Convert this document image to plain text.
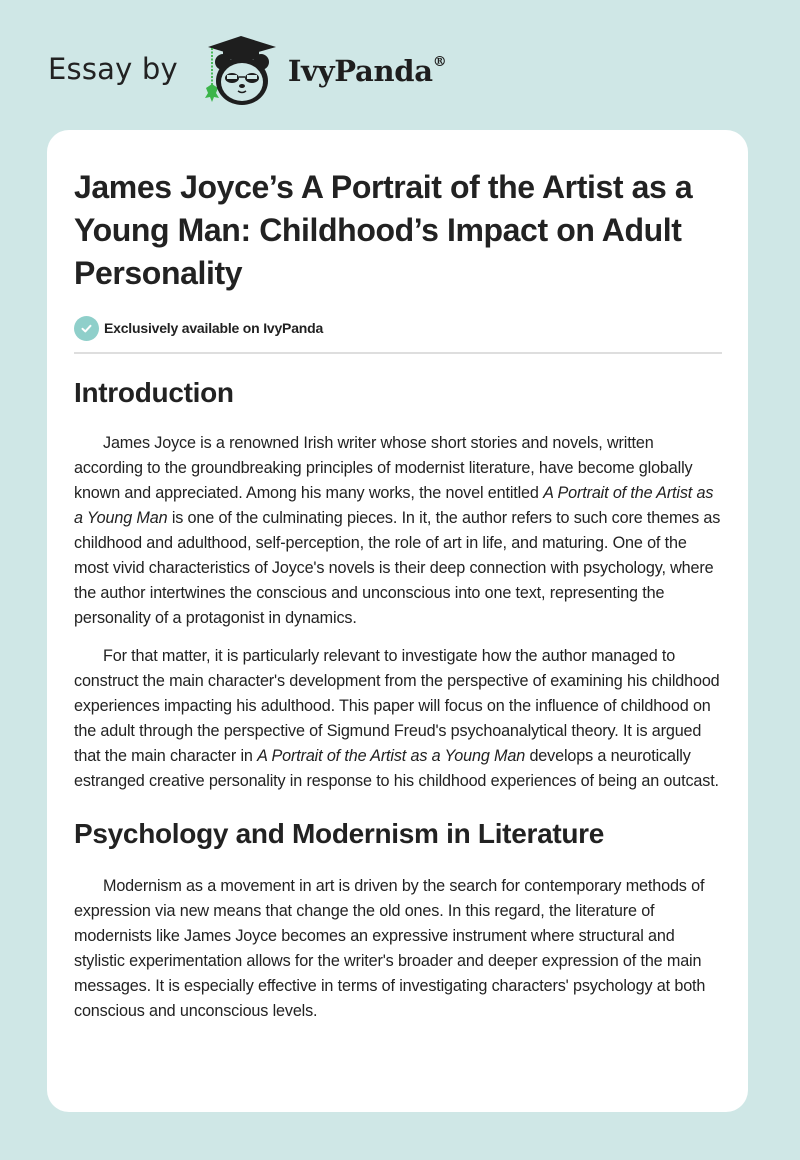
Essay by	IvyPanda®
James Joyce’s A Portrait of the Artist as a Young Man: Childhood’s Impact on Adult Personality
Exclusively available on IvyPanda
Introduction

James Joyce is a renowned Irish writer whose short stories and novels, written according to the groundbreaking principles of modernist literature, have become globally known and appreciated. Among his many works, the novel entitled A Portrait of the Artist as a Young Man is one of the culminating pieces. In it, the author refers to such core themes as childhood and adulthood, self-perception, the role of art in life, and maturing. One of the most vivid characteristics of Joyce's novels is their deep connection with psychology, where the author intertwines the conscious and unconscious into one text, representing the personality of a protagonist in dynamics.

For that matter, it is particularly relevant to investigate how the author managed to construct the main character's development from the perspective of examining his childhood experiences impacting his adulthood. This paper will focus on the influence of childhood on the adult through the perspective of Sigmund Freud's psychoanalytical theory. It is argued that the main character in A Portrait of the Artist as a Young Man develops a neurotically estranged creative personality in response to his childhood experiences of being an outcast.

Psychology and Modernism in Literature

Modernism as a movement in art is driven by the search for contemporary methods of expression via new means that change the old ones. In this regard, the literature of modernists like James Joyce becomes an expressive instrument where structural and stylistic experimentation allows for the writer's broader and deeper expression of the main messages. It is especially effective in terms of investigating characters' psychology at both conscious and unconscious levels.
